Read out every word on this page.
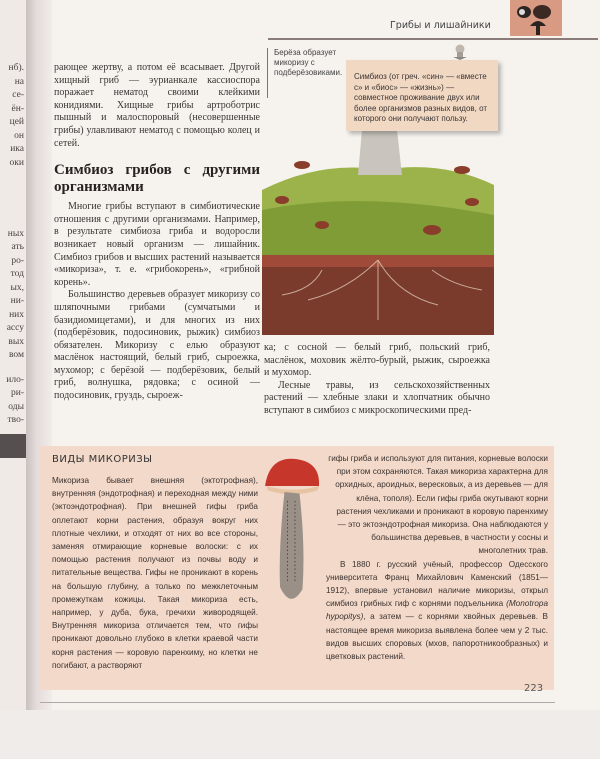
нб).
на
се-
ён-
цей
он
ика
оки
ных
ать
ро-
тод
ых,
ни-
них
ассу
вых
вом
ило-
ри-
оды
тво-
Грибы и лишайники

рающее жертву, а потом её всасывает. Другой хищный гриб — эурианкале кассиоспора поражает нематод своими клейкими конидиями. Хищные грибы артроботрис пышный и малоспоровый (несовершенные грибы) улавливают нематод с помощью колец и сетей.

Симбиоз грибов с другими организмами

Многие грибы вступают в симбиотические отношения с другими организмами. Например, в результате симбиоза гриба и водоросли возникает новый организм — лишайник. Симбиоз грибов и высших растений называется «микориза», т. е. «грибокорень», «грибной корень».

Большинство деревьев образует микоризу со шляпочными грибами (сумчатыми и базидиомицетами), и для многих из них (подберёзовик, подосиновик, рыжик) симбиоз обязателен. Микоризу с елью образуют маслёнок настоящий, белый гриб, сыроежка, мухомор; с берёзой — подберёзовик, белый гриб, волнушка, рядовка; с осиной — подосиновик, груздь, сыроеж-

Берёза образует микоризу с подберёзовиками. Симбиоз (от греч. «син» — «вместе с» и «биос» — «жизнь») — совместное проживание двух или более организмов разных видов, от которого они получают пользу.

ка; с сосной — белый гриб, польский гриб, маслёнок, моховик жёлто-бурый, рыжик, сыроежка и мухомор.

Лесные травы, из сельскохозяйственных растений — хлебные злаки и хлопчатник обычно вступают в симбиоз с микроскопическими пред-

ВИДЫ МИКОРИЗЫ
Микориза бывает внешняя (эктотрофная), внутренняя (эндотрофная) и переходная между ними (эктоэндотрофная). При внешней гифы гриба оплетают корни растения, образуя вокруг них плотные чехлики, и отходят от них во все стороны, заменяя отмирающие корневые волоски: с их помощью растения получают из почвы воду и питательные вещества. Гифы не проникают в корень на большую глубину, а только по межклеточным промежуткам кожицы. Такая микориза есть, например, у дуба, бука, гречихи живородящей. Внутренняя микориза отличается тем, что гифы проникают довольно глубоко в клетки краевой части корня растения — коровую паренхиму, но клетки не погибают, а растворяют

гифы гриба и используют для питания, корневые волоски при этом сохраняются. Такая микориза характерна для орхидных, ароидных, вересковых, а из деревьев — для клёна, тополя). Если гифы гриба окутывают корни растения чехликами и проникают в коровую паренхиму — это эктоэндотрофная микориза. Она наблюдаются у большинства деревьев, в частности у сосны и многолетних трав.

В 1880 г. русский учёный, профессор Одесского университета Франц Михайлович Каменский (1851—1912), впервые установил наличие микоризы, открыл симбиоз грибных гиф с корнями подъельника (Monotropa hypopitys), а затем — с корнями хвойных деревьев. В настоящее время микориза выявлена более чем у 2 тыс. видов высших споровых (мхов, папоротникообразных) и цветковых растений.

223
